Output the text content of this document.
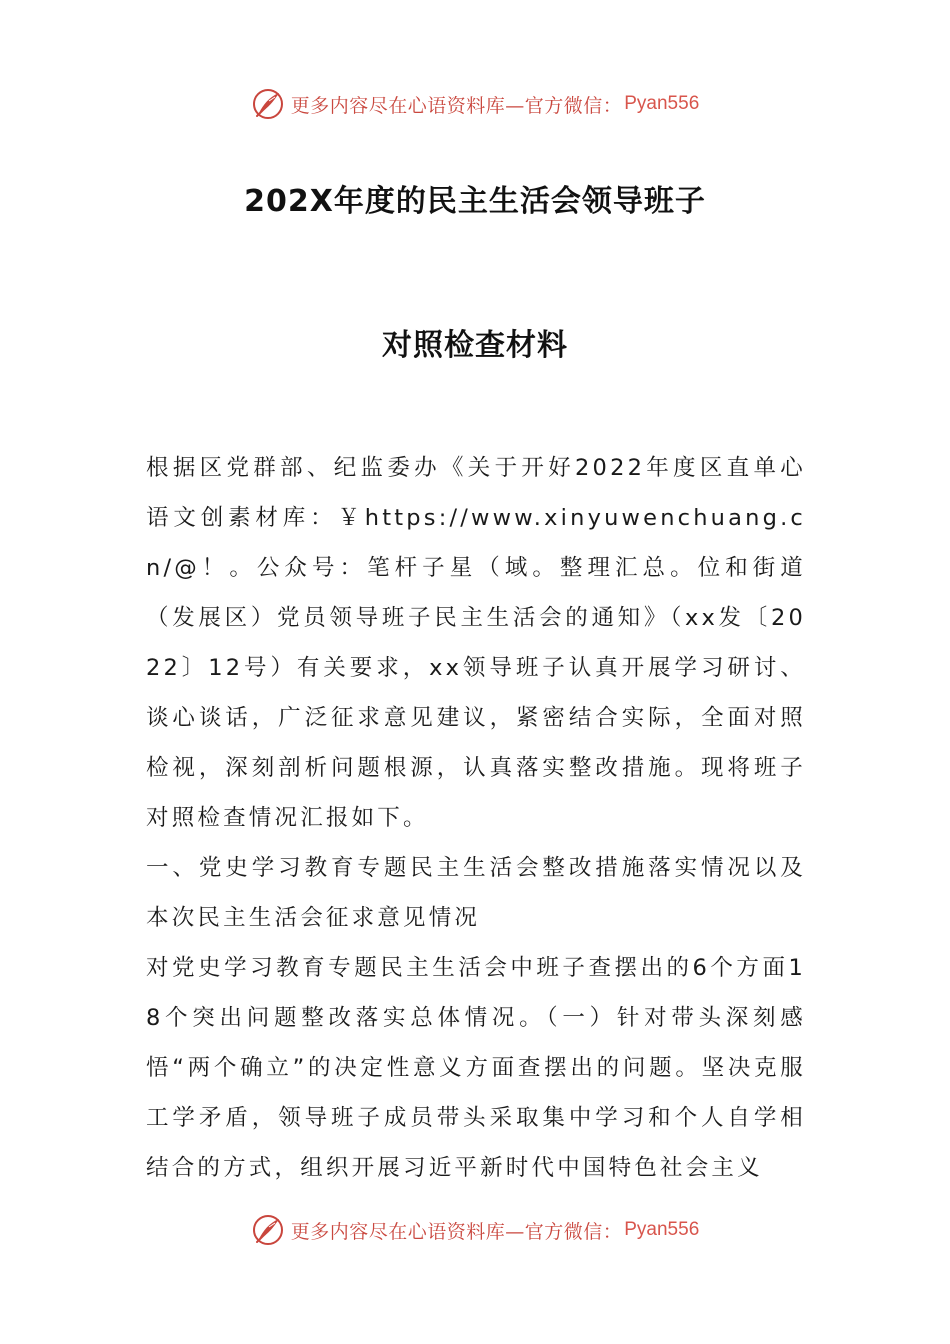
更多内容尽在心语资料库—官方微信： Pyan556
202X年度的民主生活会领导班子
对照检查材料

根据区党群部、纪监委办《关于开好2022年度区直单心语文创素材库：￥https://www.xinyuwenchuang.cn/@！。公众号：笔杆子星（域。整理汇总。位和街道（发展区）党员领导班子民主生活会的通知》（xx发〔2022〕12号）有关要求，xx领导班子认真开展学习研讨、谈心谈话，广泛征求意见建议，紧密结合实际，全面对照检视，深刻剖析问题根源，认真落实整改措施。现将班子对照检查情况汇报如下。

一、党史学习教育专题民主生活会整改措施落实情况以及本次民主生活会征求意见情况

对党史学习教育专题民主生活会中班子查摆出的6个方面18个突出问题整改落实总体情况。（一）针对带头深刻感悟“两个确立”的决定性意义方面查摆出的问题。坚决克服工学矛盾，领导班子成员带头采取集中学习和个人自学相结合的方式，组织开展习近平新时代中国特色社会主义

更多内容尽在心语资料库—官方微信： Pyan556
